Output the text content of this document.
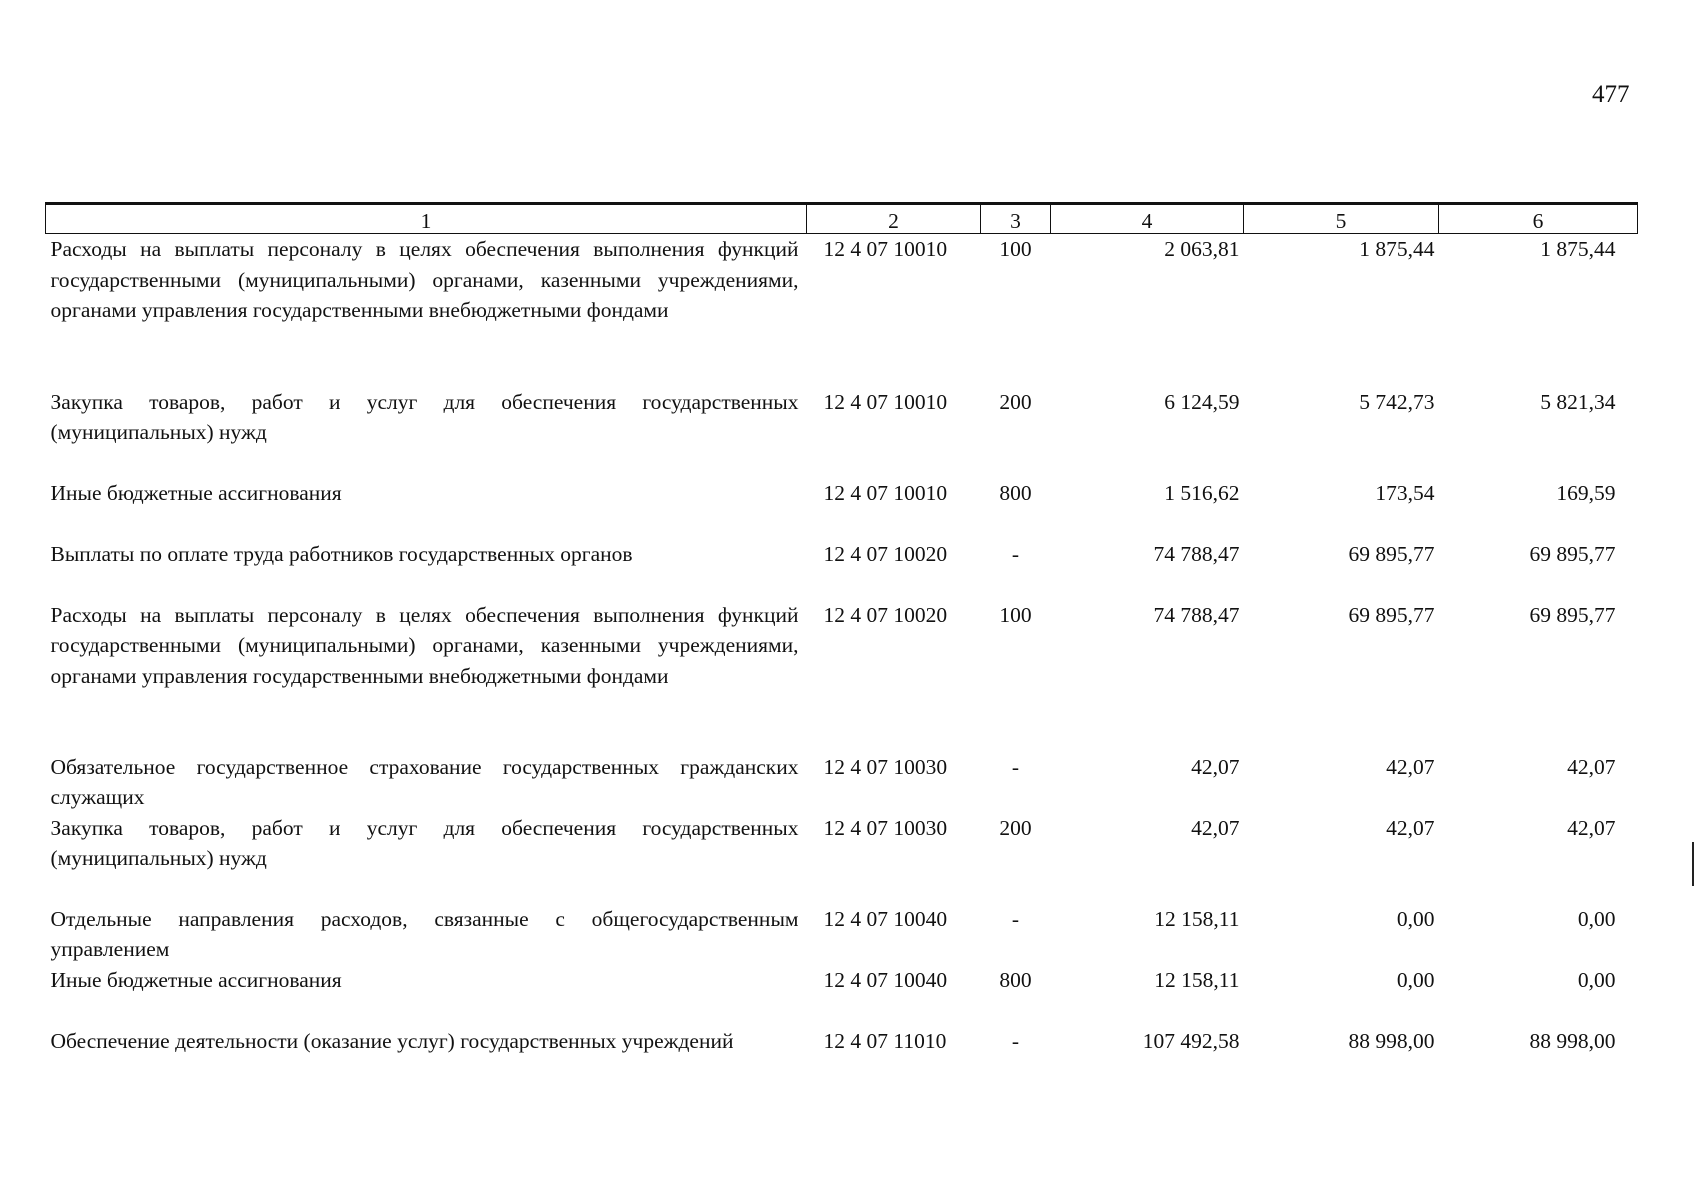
477
1	2	3	4	5	6
Расходы на выплаты персоналу в целях обеспечения выполнения функций государственными (муниципальными) органами, казенными учреждениями, органами управления государственными внебюджетными фондами	12 4 07 10010	100	2 063,81	1 875,44	1 875,44
Закупка товаров, работ и услуг для обеспечения государственных (муниципальных) нужд	12 4 07 10010	200	6 124,59	5 742,73	5 821,34
Иные бюджетные ассигнования	12 4 07 10010	800	1 516,62	173,54	169,59
Выплаты по оплате труда работников государственных органов	12 4 07 10020	-	74 788,47	69 895,77	69 895,77
Расходы на выплаты персоналу в целях обеспечения выполнения функций государственными (муниципальными) органами, казенными учреждениями, органами управления государственными внебюджетными фондами	12 4 07 10020	100	74 788,47	69 895,77	69 895,77
Обязательное государственное страхование государственных гражданских служащих	12 4 07 10030	-	42,07	42,07	42,07
Закупка товаров, работ и услуг для обеспечения государственных (муниципальных) нужд	12 4 07 10030	200	42,07	42,07	42,07
Отдельные направления расходов, связанные с общегосударственным управлением	12 4 07 10040	-	12 158,11	0,00	0,00
Иные бюджетные ассигнования	12 4 07 10040	800	12 158,11	0,00	0,00
Обеспечение деятельности (оказание услуг) государственных учреждений	12 4 07 11010	-	107 492,58	88 998,00	88 998,00
